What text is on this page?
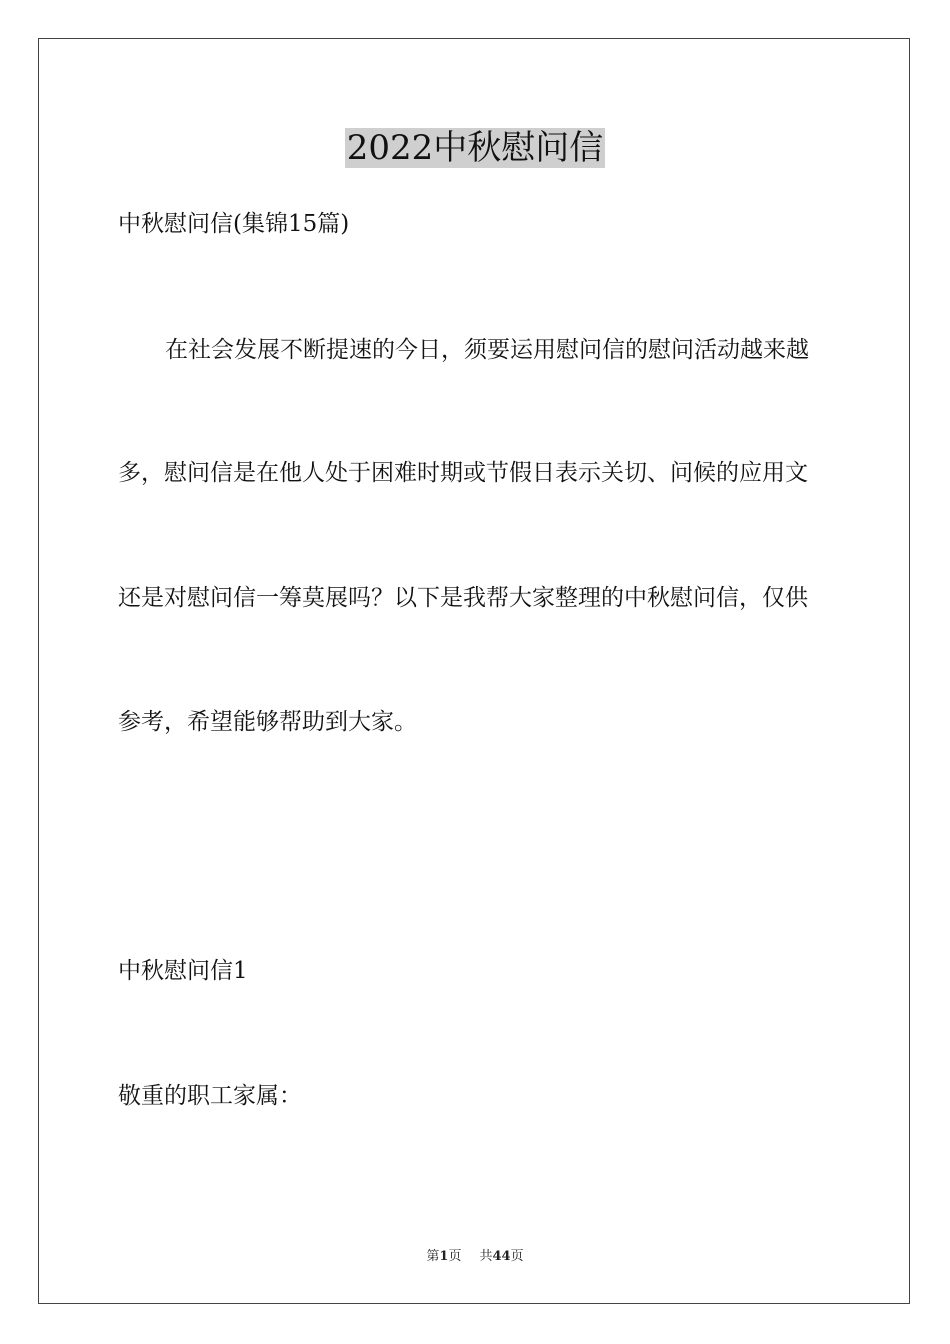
2022中秋慰问信
中秋慰问信(集锦15篇)
在社会发展不断提速的今日，须要运用慰问信的慰问活动越来越
多，慰问信是在他人处于困难时期或节假日表示关切、问候的应用文
还是对慰问信一筹莫展吗？以下是我帮大家整理的中秋慰问信，仅供
参考，希望能够帮助到大家。
中秋慰问信1
敬重的职工家属：
第1页 共44页
